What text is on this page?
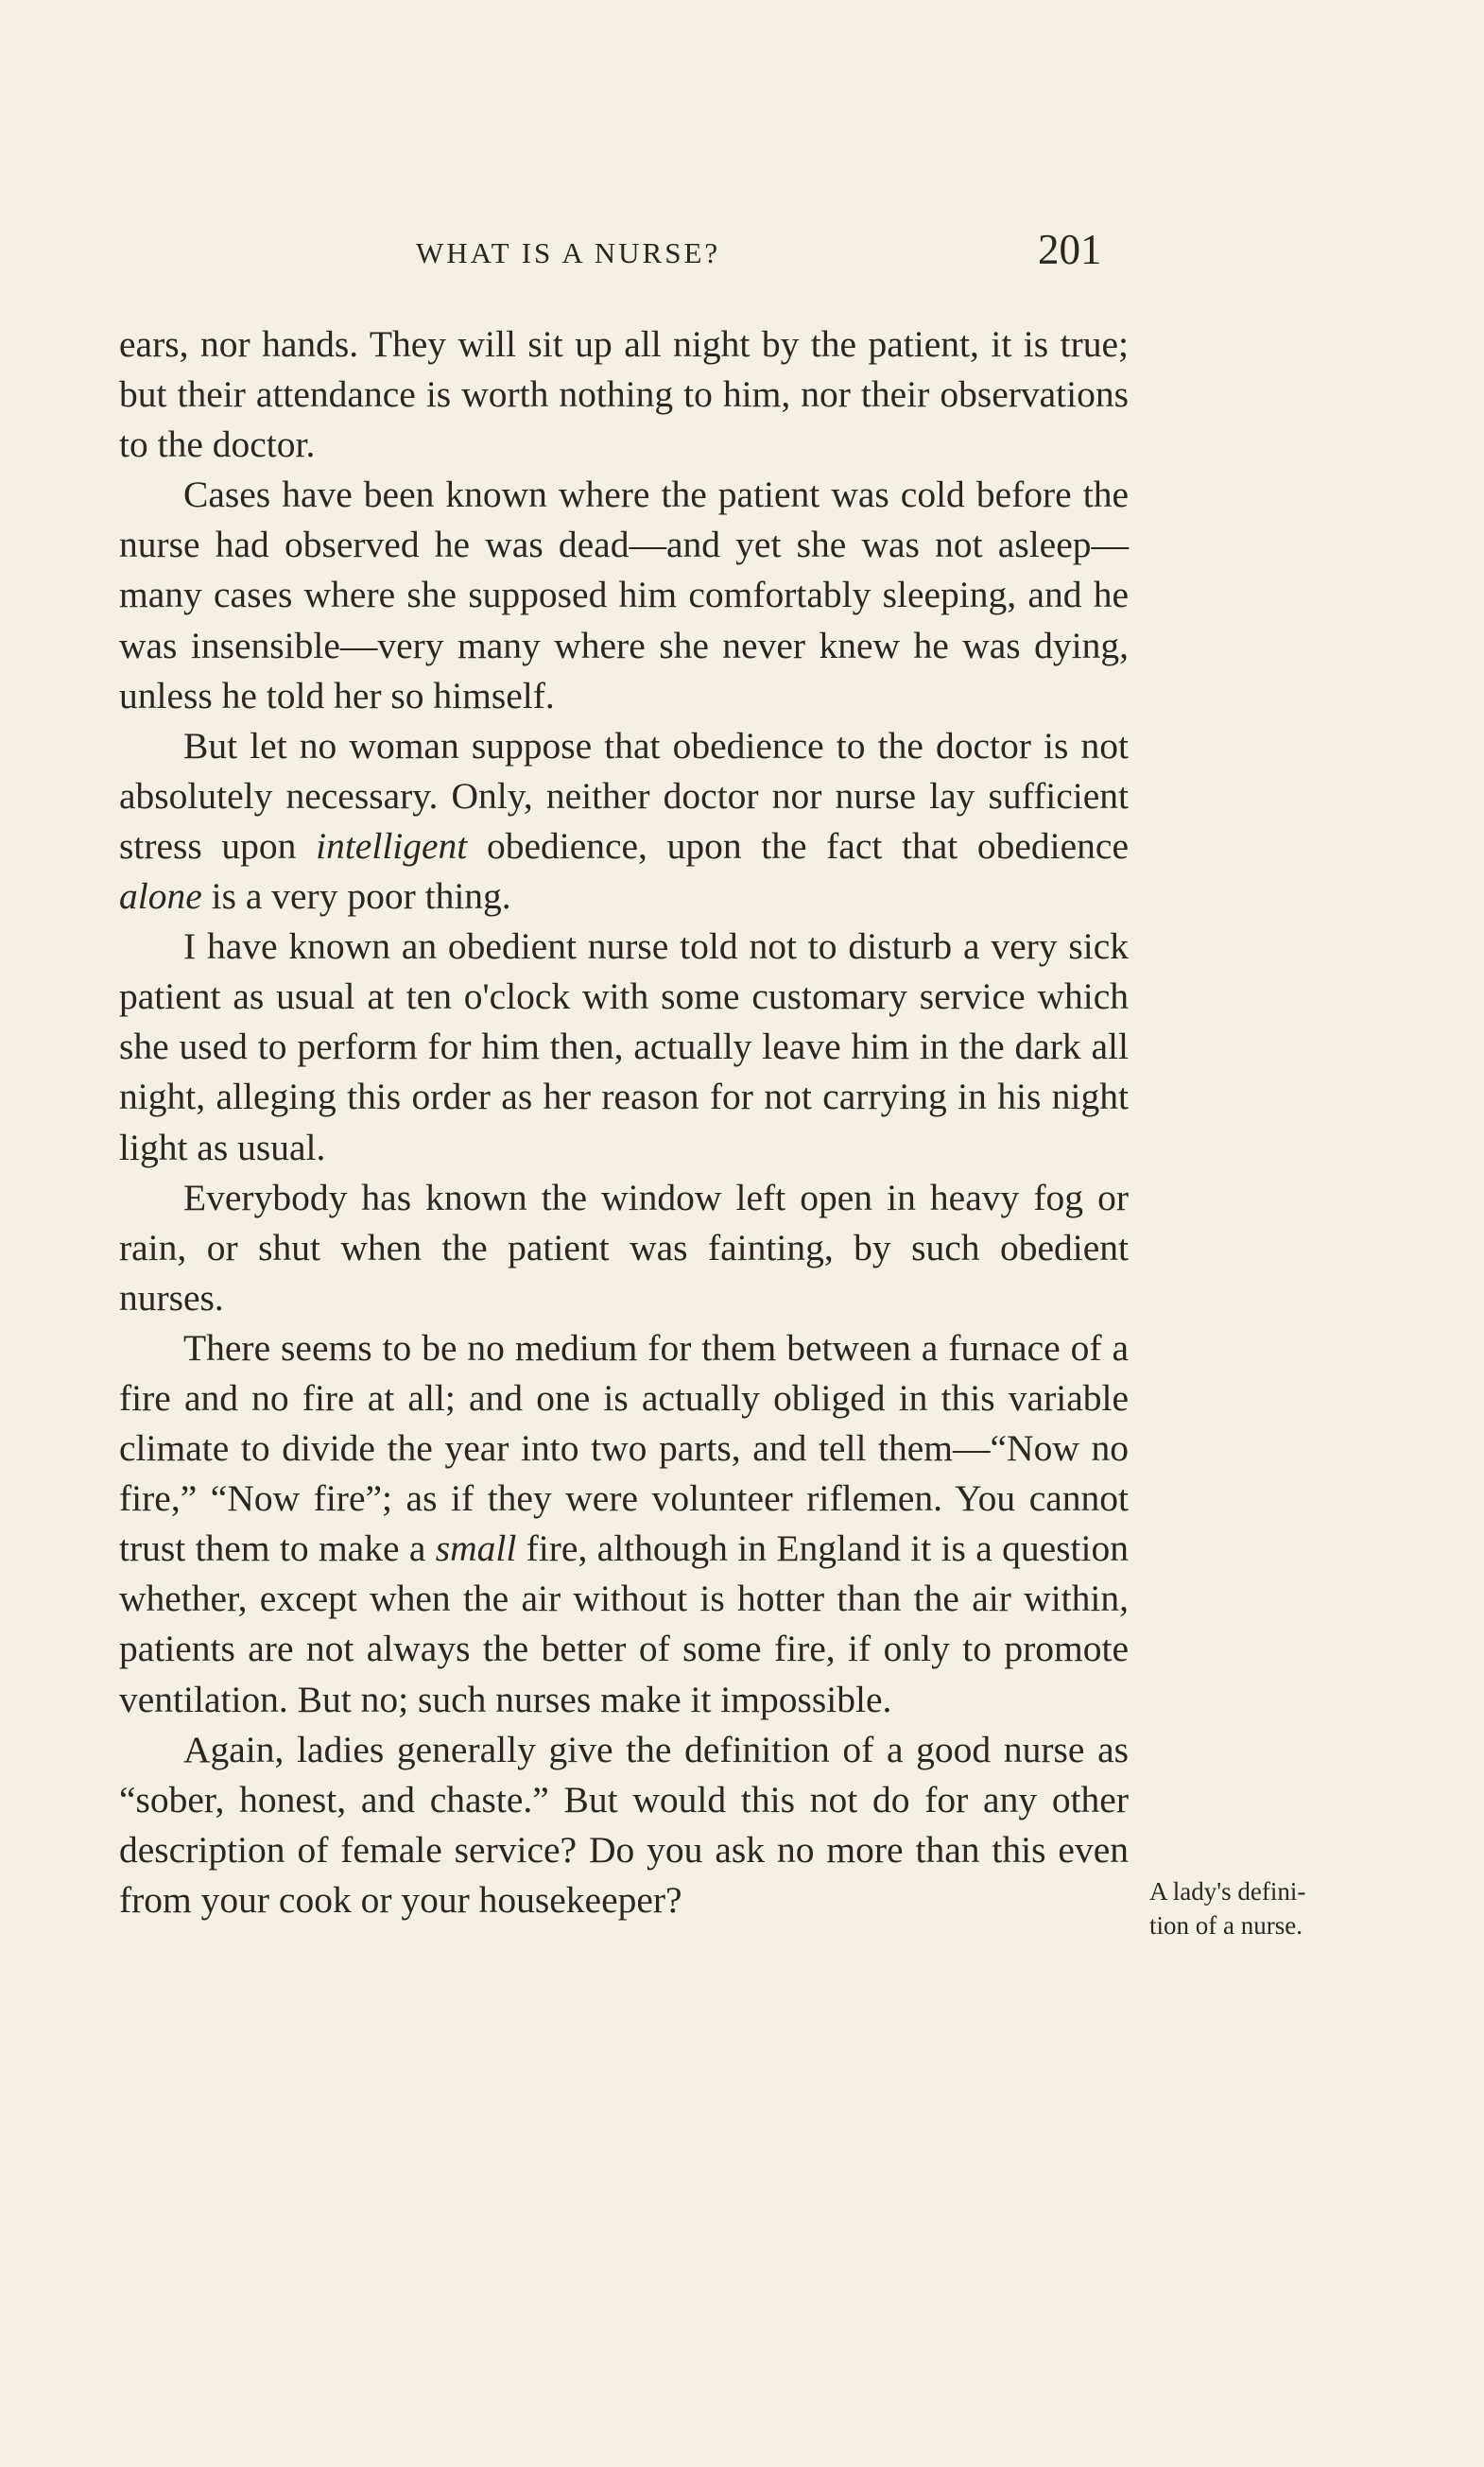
WHAT IS A NURSE?	201

ears, nor hands. They will sit up all night by the patient, it is true; but their attendance is worth nothing to him, nor their observations to the doctor.

Cases have been known where the patient was cold before the nurse had observed he was dead—and yet she was not asleep—many cases where she supposed him comfortably sleeping, and he was insensible—very many where she never knew he was dying, unless he told her so himself.

But let no woman suppose that obedience to the doctor is not absolutely necessary. Only, neither doctor nor nurse lay sufficient stress upon intelligent obedience, upon the fact that obedience alone is a very poor thing.

I have known an obedient nurse told not to disturb a very sick patient as usual at ten o'clock with some customary service which she used to perform for him then, actually leave him in the dark all night, alleging this order as her reason for not carrying in his night light as usual.

Everybody has known the window left open in heavy fog or rain, or shut when the patient was fainting, by such obedient nurses.

There seems to be no medium for them between a furnace of a fire and no fire at all; and one is actually obliged in this variable climate to divide the year into two parts, and tell them—“Now no fire,” “Now fire”; as if they were volunteer riflemen. You cannot trust them to make a small fire, although in England it is a question whether, except when the air without is hotter than the air within, patients are not always the better of some fire, if only to promote ventilation. But no; such nurses make it impossible.

Again, ladies generally give the definition of a good nurse as “sober, honest, and chaste.” But would this not do for any other description of female service? Do you ask no more than this even from your cook or your housekeeper?	A lady's defini-
tion of a nurse.
